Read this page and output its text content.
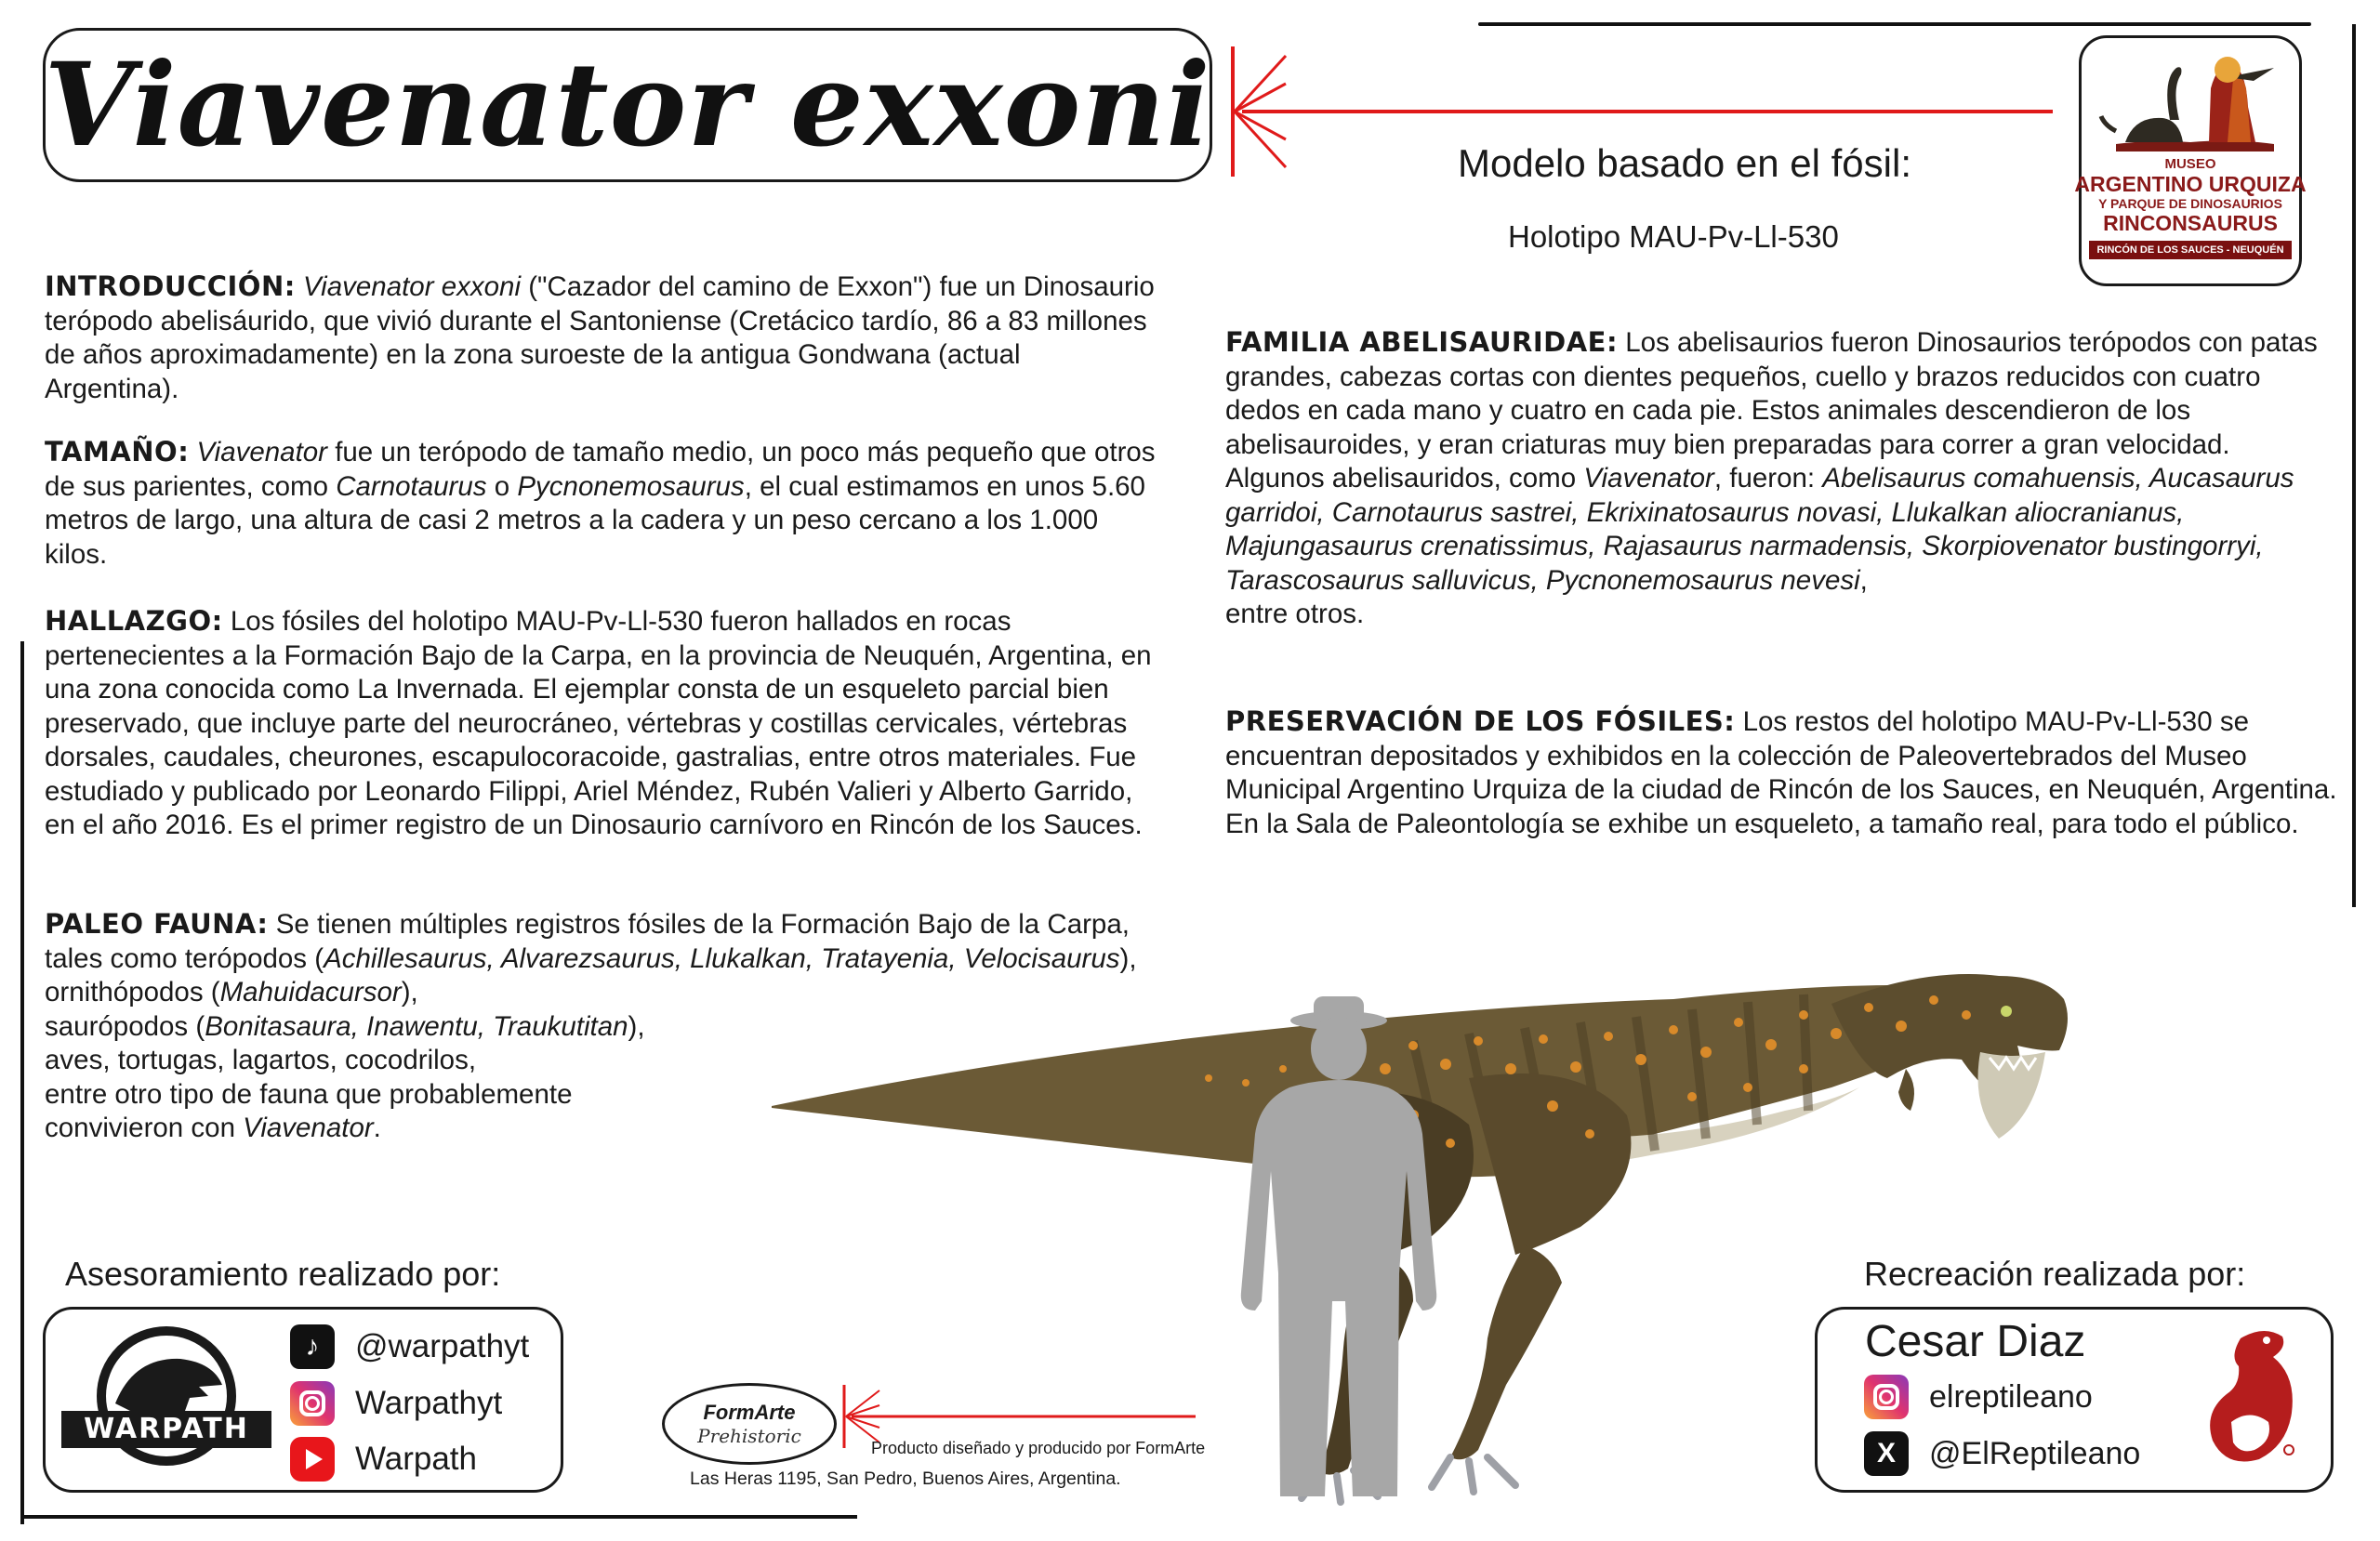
Viavenator exxoni	Modelo basado en el fósil:
Holotipo MAU-Pv-Ll-530
MUSEO
ARGENTINO URQUIZA
Y PARQUE DE DINOSAURIOS
RINCONSAURUS
RINCÓN DE LOS SAUCES - NEUQUÉN

INTRODUCCIÓN: Viavenator exxoni ("Cazador del camino de Exxon") fue un Dinosaurio terópodo abelisáurido, que vivió durante el Santoniense (Cretácico tardío, 86 a 83 millones de años aproximadamente) en la zona suroeste de la antigua Gondwana (actual Argentina).

TAMAÑO: Viavenator fue un terópodo de tamaño medio, un poco más pequeño que otros de sus parientes, como Carnotaurus o Pycnonemosaurus, el cual estimamos en unos 5.60 metros de largo, una altura de casi 2 metros a la cadera y un peso cercano a los 1.000 kilos.

HALLAZGO: Los fósiles del holotipo MAU-Pv-Ll-530 fueron hallados en rocas pertenecientes a la Formación Bajo de la Carpa, en la provincia de Neuquén, Argentina, en una zona conocida como La Invernada. El ejemplar consta de un esqueleto parcial bien preservado, que incluye parte del neurocráneo, vértebras y costillas cervicales, vértebras dorsales, caudales, cheurones, escapulocoracoide, gastralias, entre otros materiales. Fue estudiado y publicado por Leonardo Filippi, Ariel Méndez, Rubén Valieri y Alberto Garrido, en el año 2016. Es el primer registro de un Dinosaurio carnívoro en Rincón de los Sauces.

PALEO FAUNA: Se tienen múltiples registros fósiles de la Formación Bajo de la Carpa, tales como terópodos (Achillesaurus, Alvarezsaurus, Llukalkan, Tratayenia, Velocisaurus), ornithópodos (Mahuidacursor),
saurópodos (Bonitasaura, Inawentu, Traukutitan),
aves, tortugas, lagartos, cocodrilos,
entre otro tipo de fauna que probablemente
convivieron con Viavenator.

FAMILIA ABELISAURIDAE: Los abelisaurios fueron Dinosaurios terópodos con patas grandes, cabezas cortas con dientes pequeños, cuello y brazos reducidos con cuatro dedos en cada mano y cuatro en cada pie. Estos animales descendieron de los abelisauroides, y eran criaturas muy bien preparadas para correr a gran velocidad.
Algunos abelisauridos, como Viavenator, fueron: Abelisaurus comahuensis, Aucasaurus garridoi, Carnotaurus sastrei, Ekrixinatosaurus novasi, Llukalkan aliocranianus, Majungasaurus crenatissimus, Rajasaurus narmadensis, Skorpiovenator bustingorryi, Tarascosaurus salluvicus, Pycnonemosaurus nevesi,
entre otros.

PRESERVACIÓN DE LOS FÓSILES: Los restos del holotipo MAU-Pv-Ll-530 se encuentran depositados y exhibidos en la colección de Paleovertebrados del Museo Municipal Argentino Urquiza de la ciudad de Rincón de los Sauces, en Neuquén, Argentina.
En la Sala de Paleontología se exhibe un esqueleto, a tamaño real, para todo el público.

Asesoramiento realizado por:
WARPATH
♪	@warpathyt
Warpathyt
Warpath
FormArte
Prehistoric
Producto diseñado y producido por FormArte
Las Heras 1195, San Pedro, Buenos Aires, Argentina.
Recreación realizada por:
Cesar Diaz
elreptileano
X	@ElReptileano
